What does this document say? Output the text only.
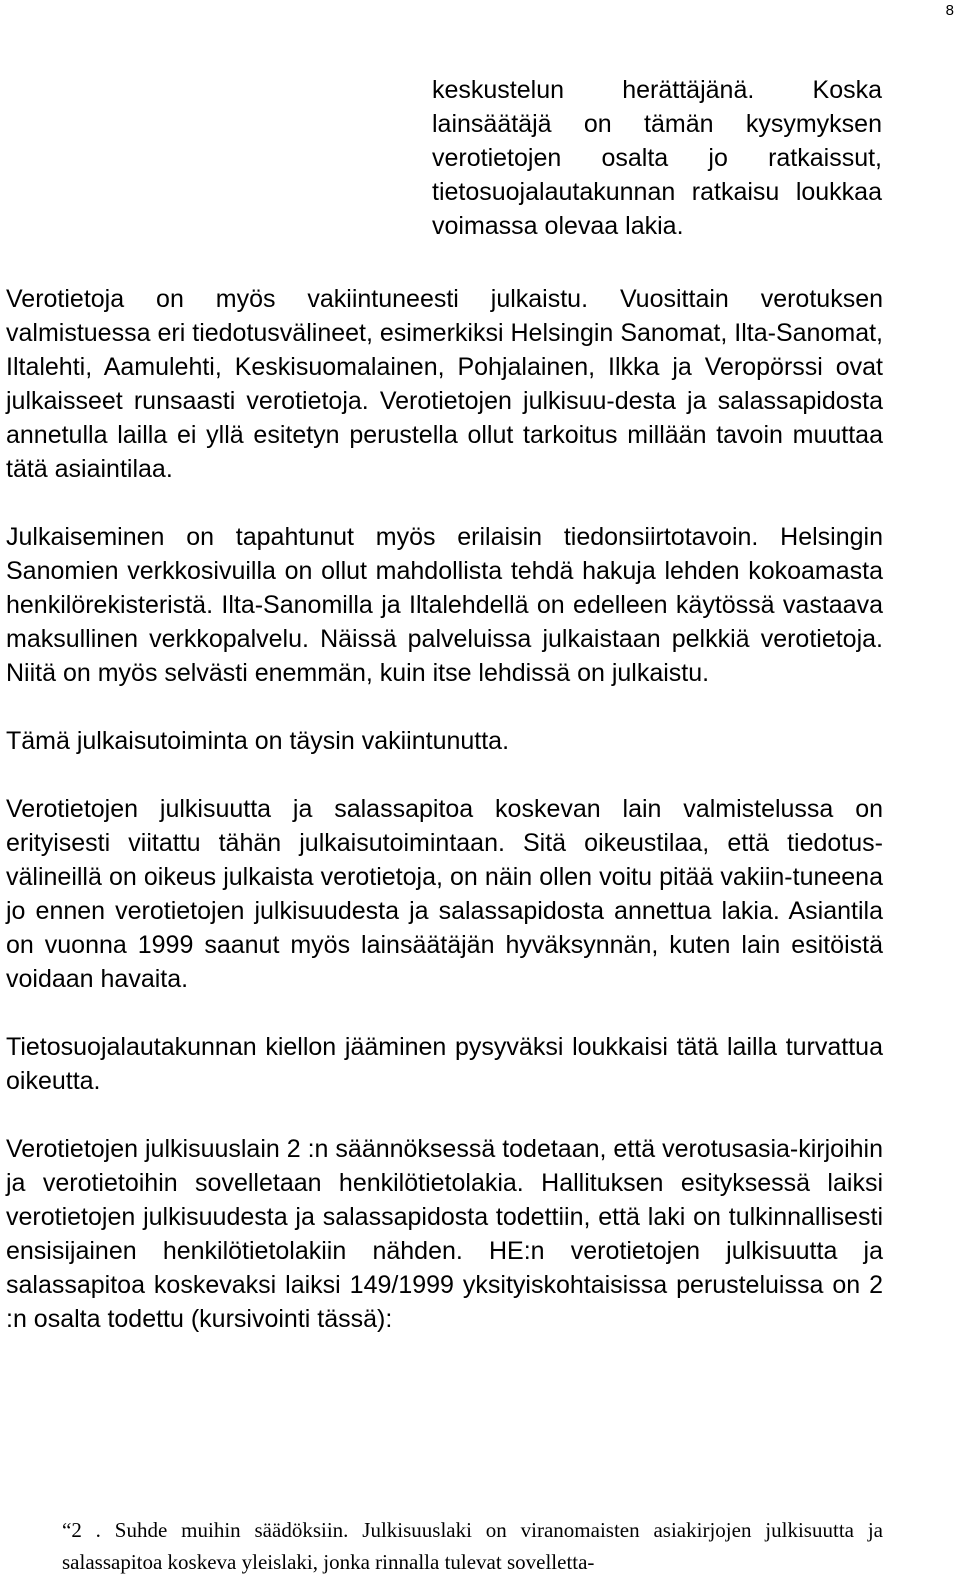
8

keskustelun herättäjänä. Koska lainsäätäjä on tämän kysymyksen verotietojen osalta jo ratkaissut, tietosuojalautakunnan ratkaisu loukkaa voimassa olevaa lakia.

Verotietoja on myös vakiintuneesti julkaistu. Vuosittain verotuksen valmistuessa eri tiedotusvälineet, esimerkiksi Helsingin Sanomat, Ilta-Sanomat, Iltalehti, Aamulehti, Keskisuomalainen, Pohjalainen, Ilkka ja Veropörssi ovat julkaisseet runsaasti verotietoja. Verotietojen julkisuu-desta ja salassapidosta annetulla lailla ei yllä esitetyn perustella ollut tarkoitus millään tavoin muuttaa tätä asiaintilaa.

Julkaiseminen on tapahtunut myös erilaisin tiedonsiirtotavoin. Helsingin Sanomien verkkosivuilla on ollut mahdollista tehdä hakuja lehden kokoamasta henkilörekisteristä. Ilta-Sanomilla ja Iltalehdellä on edelleen käytössä vastaava maksullinen verkkopalvelu. Näissä palveluissa julkaistaan pelkkiä verotietoja. Niitä on myös selvästi enemmän, kuin itse lehdissä on julkaistu.

Tämä julkaisutoiminta on täysin vakiintunutta.

Verotietojen julkisuutta ja salassapitoa koskevan lain valmistelussa on erityisesti viitattu tähän julkaisutoimintaan. Sitä oikeustilaa, että tiedotus-välineillä on oikeus julkaista verotietoja, on näin ollen voitu pitää vakiin-tuneena jo ennen verotietojen julkisuudesta ja salassapidosta annettua lakia. Asiantila on vuonna 1999 saanut myös lainsäätäjän hyväksynnän, kuten lain esitöistä voidaan havaita.

Tietosuojalautakunnan kiellon jääminen pysyväksi loukkaisi tätä lailla turvattua oikeutta.

Verotietojen julkisuuslain 2 :n säännöksessä todetaan, että verotusasia-kirjoihin ja verotietoihin sovelletaan henkilötietolakia. Hallituksen esityksessä laiksi verotietojen julkisuudesta ja salassapidosta todettiin, että laki on tulkinnallisesti ensisijainen henkilötietolakiin nähden. HE:n verotietojen julkisuutta ja salassapitoa koskevaksi laiksi 149/1999 yksityiskohtaisissa perusteluissa on 2 :n osalta todettu (kursivointi tässä):

“2 . Suhde muihin säädöksiin. Julkisuuslaki on viranomaisten asiakirjojen julkisuutta ja salassapitoa koskeva yleislaki, jonka rinnalla tulevat sovelletta-
